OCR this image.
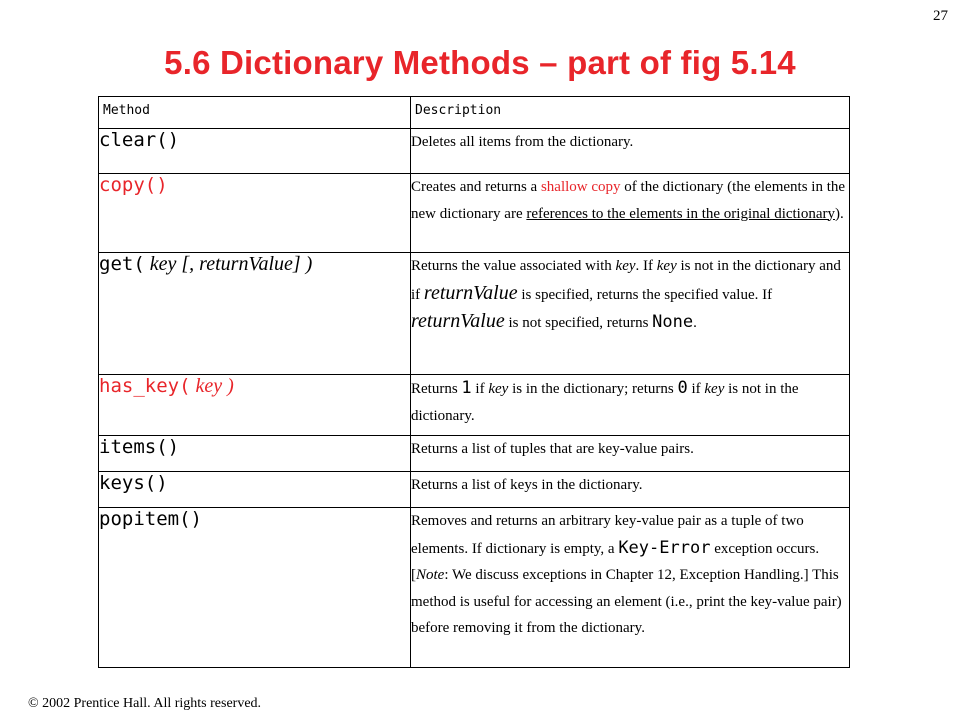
27
5.6 Dictionary Methods – part of fig 5.14
Method	Description

clear()	Deletes all items from the dictionary.
copy()	Creates and returns a shallow copy of the dictionary (the elements in the new dictionary are references to the elements in the original dictionary).
get( key [, returnValue] )	Returns the value associated with key. If key is not in the dictionary and if returnValue is specified, returns the specified value. If returnValue is not specified, returns None.
has_key( key )	Returns 1 if key is in the dictionary; returns 0 if key is not in the dictionary.
items()	Returns a list of tuples that are key-value pairs.
keys()	Returns a list of keys in the dictionary.
popitem()	Removes and returns an arbitrary key-value pair as a tuple of two elements. If dictionary is empty, a Key-Error exception occurs. [Note: We discuss exceptions in Chapter 12, Exception Handling.] This method is useful for accessing an element (i.e., print the key-value pair) before removing it from the dictionary.
© 2002 Prentice Hall. All rights reserved.
